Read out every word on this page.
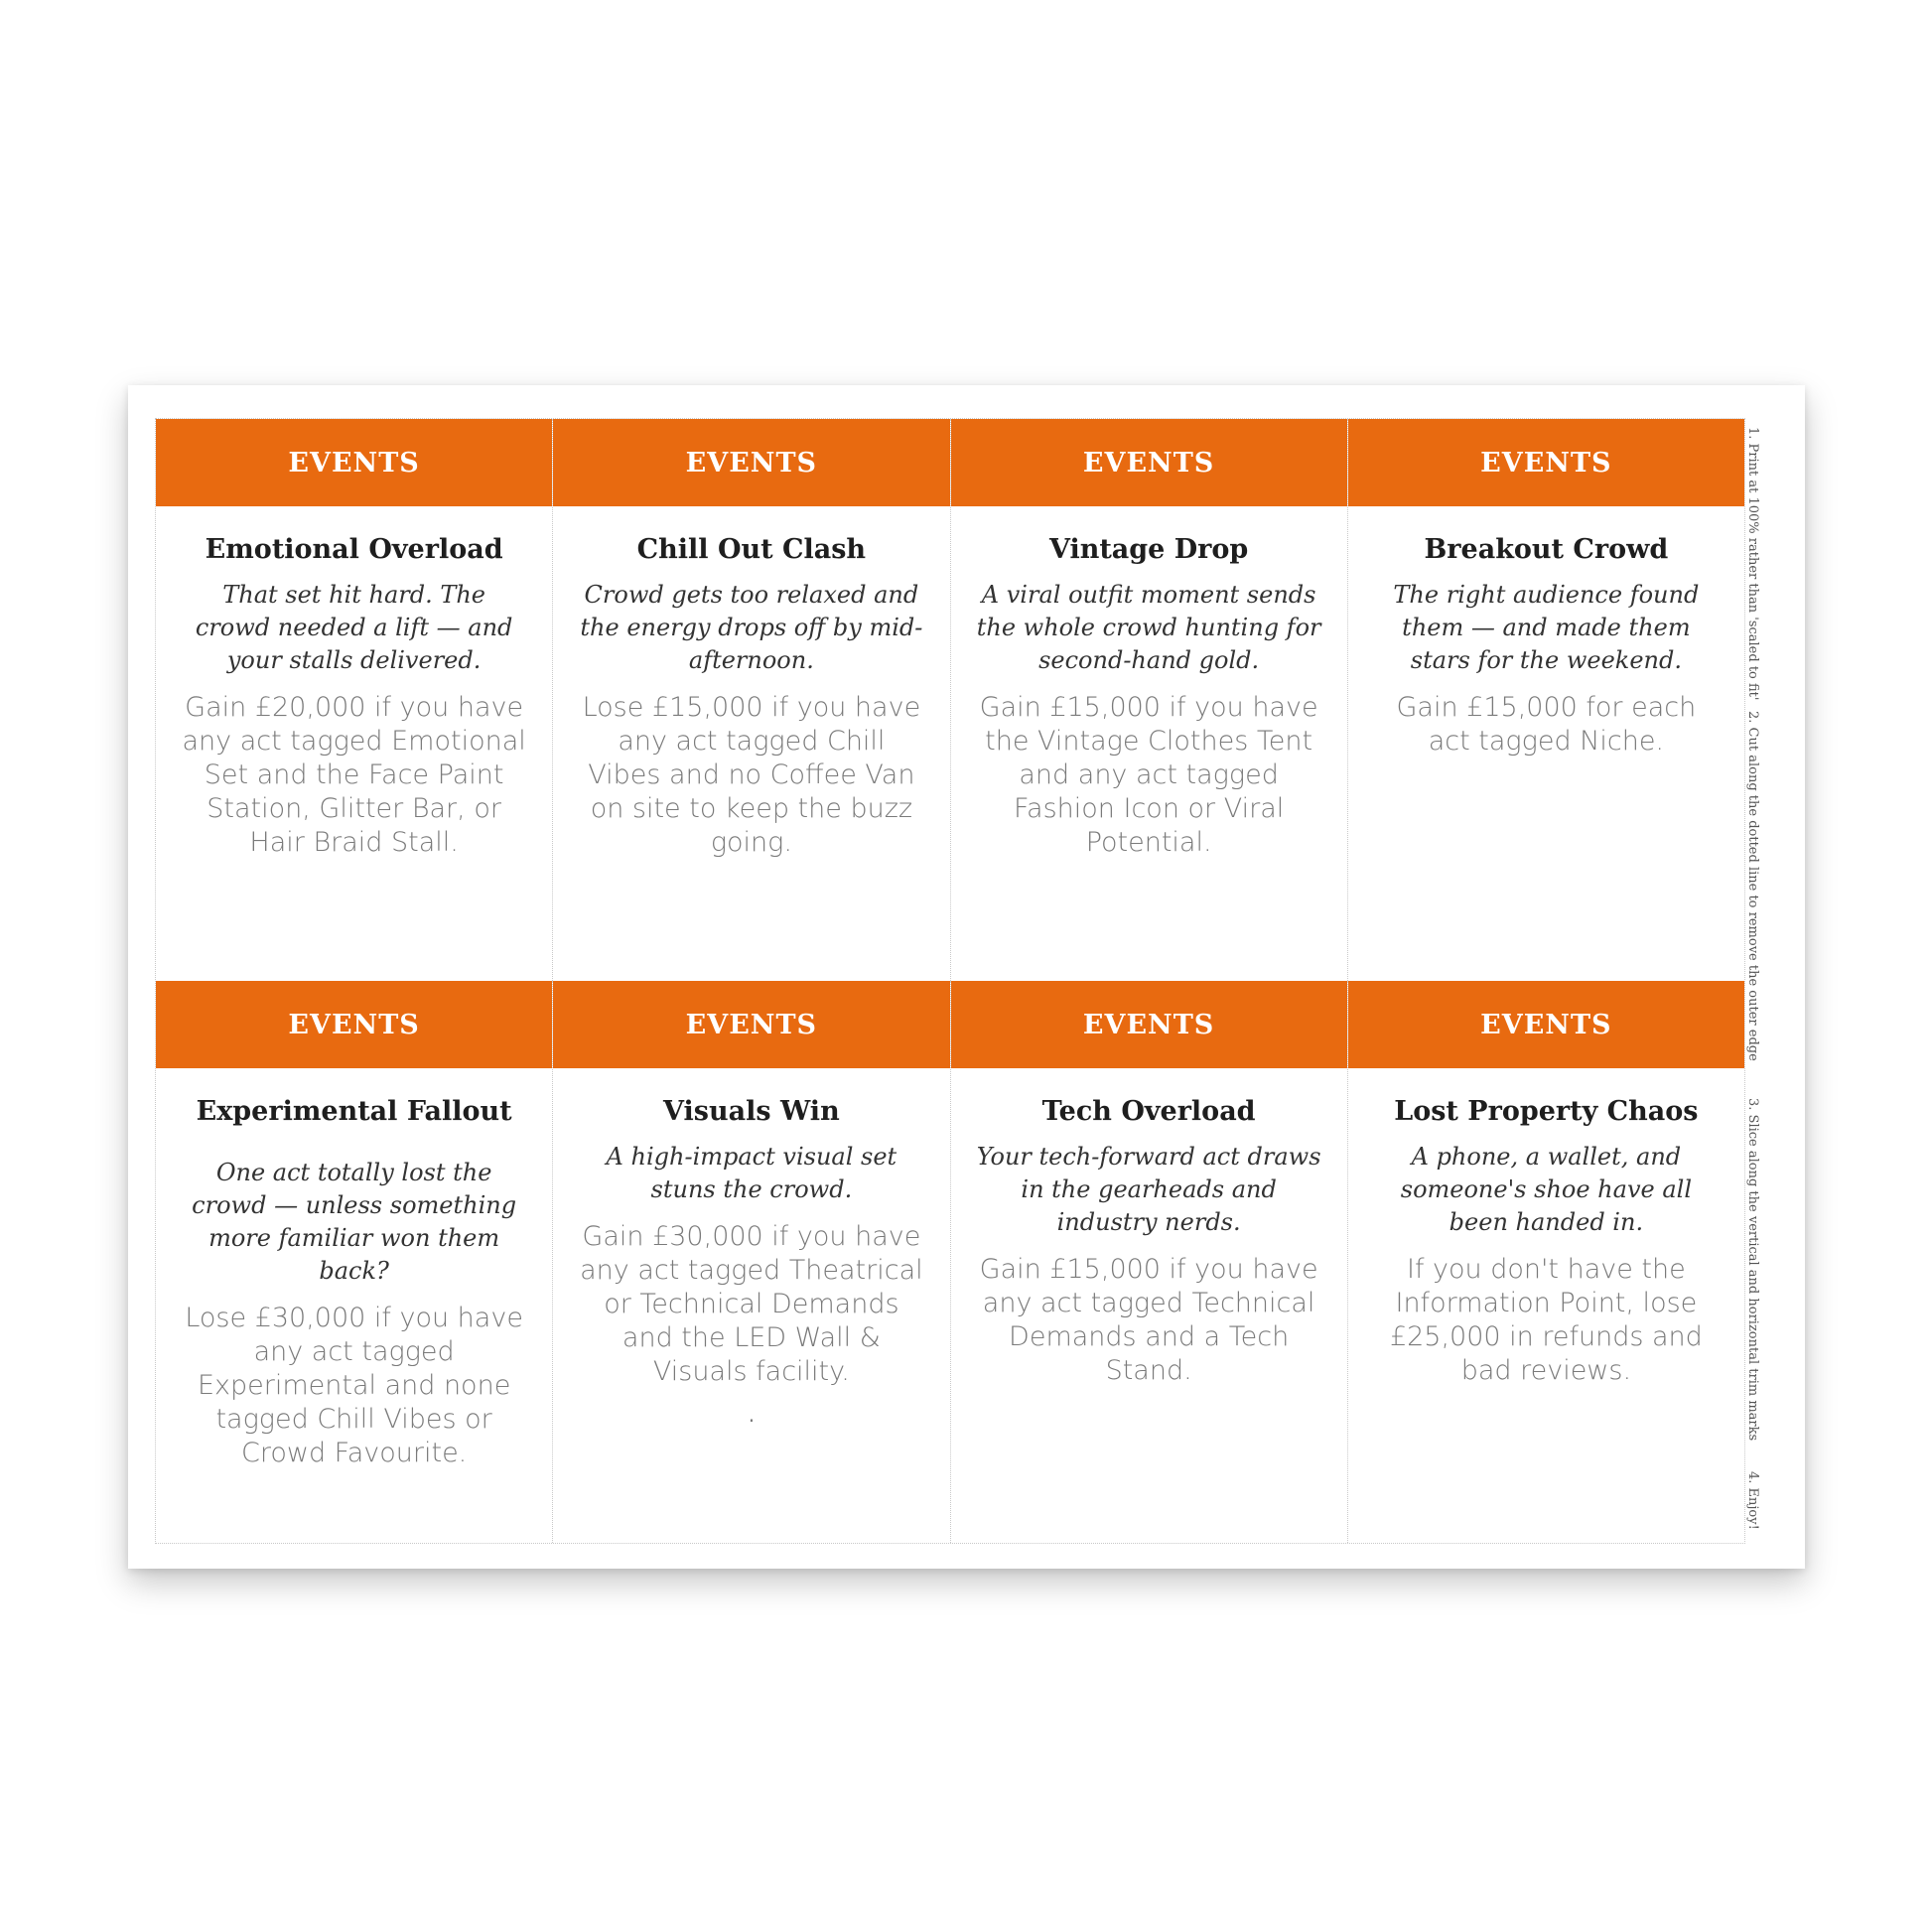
EVENTS
Emotional Overload
That set hit hard. The crowd needed a lift — and your stalls delivered.
Gain £20,000 if you have any act tagged Emotional Set and the Face Paint Station, Glitter Bar, or Hair Braid Stall.
EVENTS
Chill Out Clash
Crowd gets too relaxed and the energy drops off by mid-afternoon.
Lose £15,000 if you have any act tagged Chill Vibes and no Coffee Van on site to keep the buzz going.
EVENTS
Vintage Drop
A viral outfit moment sends the whole crowd hunting for second-hand gold.
Gain £15,000 if you have the Vintage Clothes Tent and any act tagged Fashion Icon or Viral Potential.
EVENTS
Breakout Crowd
The right audience found them — and made them stars for the weekend.
Gain £15,000 for each act tagged Niche.
EVENTS
Experimental Fallout
One act totally lost the crowd — unless something more familiar won them back?
Lose £30,000 if you have any act tagged Experimental and none tagged Chill Vibes or Crowd Favourite.
EVENTS
Visuals Win
A high-impact visual set stuns the crowd.
Gain £30,000 if you have any act tagged Theatrical or Technical Demands and the LED Wall & Visuals facility.
.
EVENTS
Tech Overload
Your tech-forward act draws in the gearheads and industry nerds.
Gain £15,000 if you have any act tagged Technical Demands and a Tech Stand.
EVENTS
Lost Property Chaos
A phone, a wallet, and someone's shoe have all been handed in.
If you don't have the Information Point, lose £25,000 in refunds and bad reviews.
1. Print at 100% rather than 'scaled to fit'
2. Cut along the dotted line to remove the outer edge
3. Slice along the vertical and horizontal trim marks
4. Enjoy!
